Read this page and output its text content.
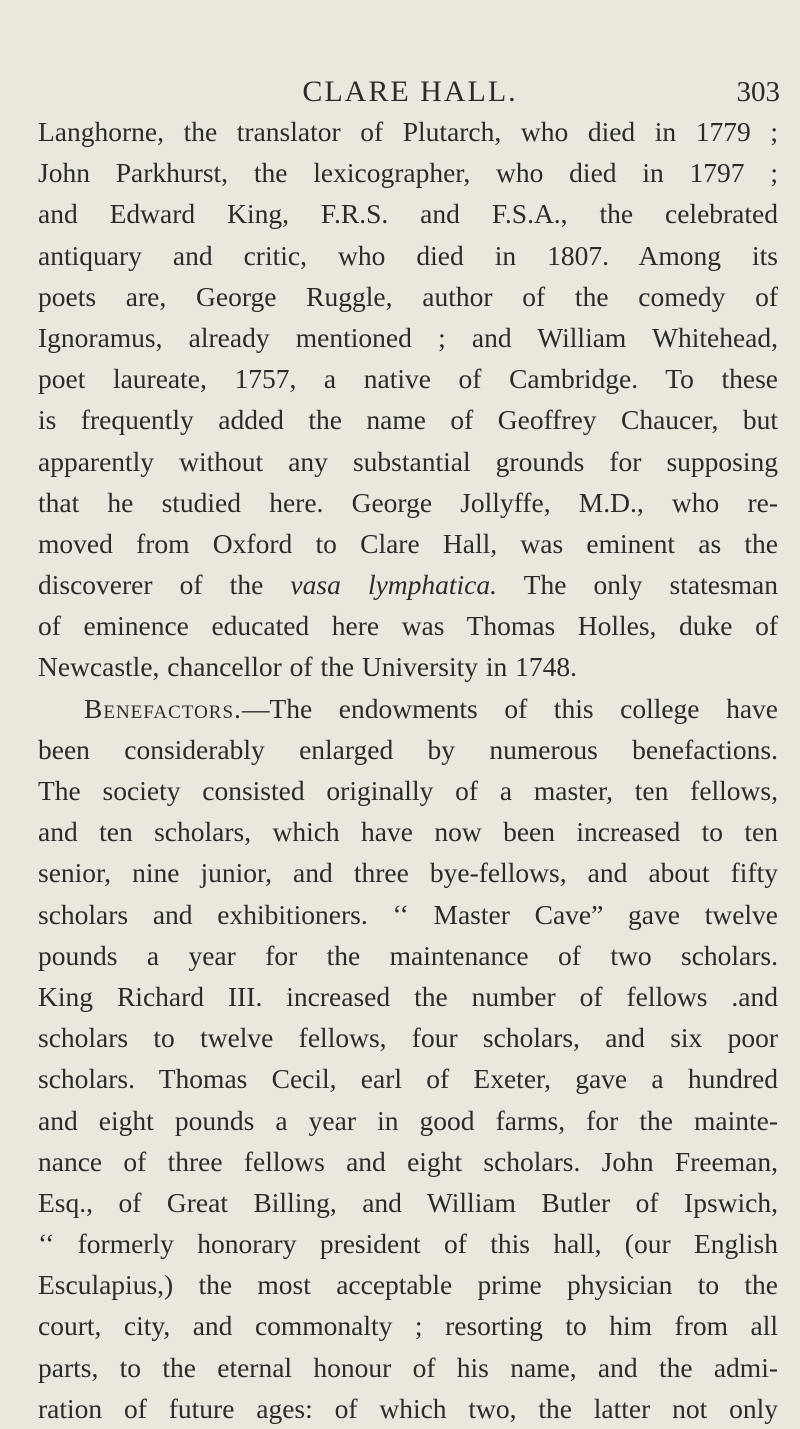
CLARE HALL.	303
Langhorne, the translator of Plutarch, who died in 1779 ;
John Parkhurst, the lexicographer, who died in 1797 ;
and Edward King, F.R.S. and F.S.A., the celebrated
antiquary and critic, who died in 1807. Among its
poets are, George Ruggle, author of the comedy of
Ignoramus, already mentioned ; and William Whitehead,
poet laureate, 1757, a native of Cambridge. To these
is frequently added the name of Geoffrey Chaucer, but
apparently without any substantial grounds for supposing
that he studied here. George Jollyffe, M.D., who re-
moved from Oxford to Clare Hall, was eminent as the
discoverer of the vasa lymphatica. The only statesman
of eminence educated here was Thomas Holles, duke of
Newcastle, chancellor of the University in 1748.
Benefactors.—The endowments of this college have
been considerably enlarged by numerous benefactions.
The society consisted originally of a master, ten fellows,
and ten scholars, which have now been increased to ten
senior, nine junior, and three bye-fellows, and about fifty
scholars and exhibitioners. ‘‘ Master Cave” gave twelve
pounds a year for the maintenance of two scholars.
King Richard III. increased the number of fellows .and
scholars to twelve fellows, four scholars, and six poor
scholars. Thomas Cecil, earl of Exeter, gave a hundred
and eight pounds a year in good farms, for the mainte-
nance of three fellows and eight scholars. John Freeman,
Esq., of Great Billing, and William Butler of Ipswich,
‘‘ formerly honorary president of this hall, (our English
Esculapius,) the most acceptable prime physician to the
court, city, and commonalty ; resorting to him from all
parts, to the eternal honour of his name, and the admi-
ration of future ages: of which two, the latter not only
